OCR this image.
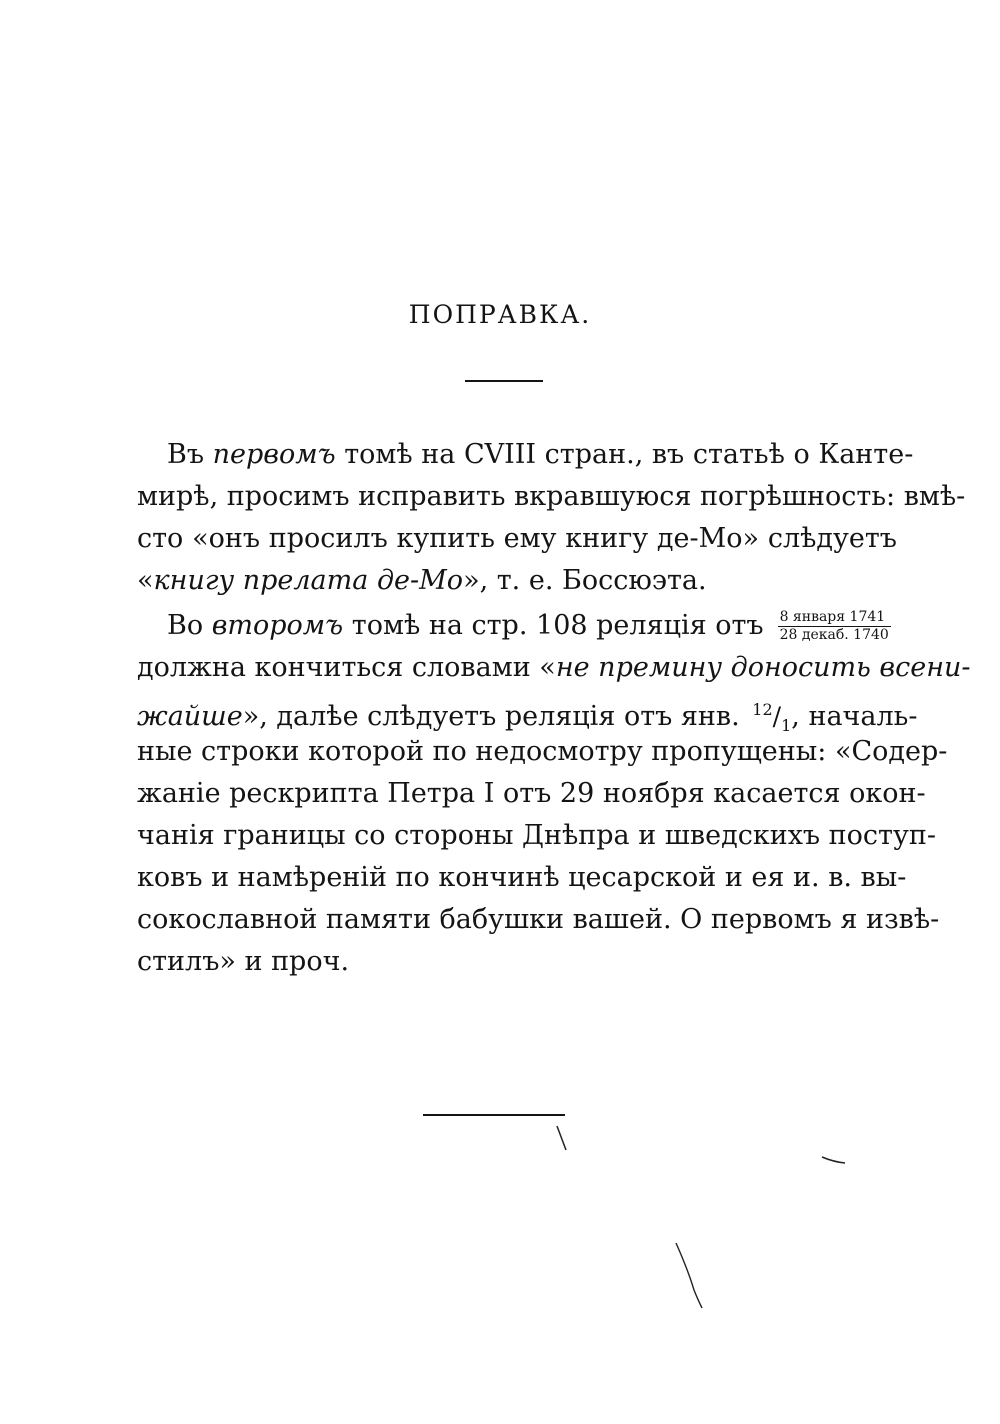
ПОПРАВКА.
Въ первомъ томѣ на CVIII стран., въ статьѣ о Канте-
мирѣ, просимъ исправить вкравшуюся погрѣшность: вмѣ-
сто «онъ просилъ купить ему книгу де-Mo» слѣдуетъ
«книгу прелата де-Mo», т. е. Боссюэта.
Во второмъ томѣ на стр. 108 реляція отъ $\frac{\text{8 января 1741}}{\text{28 декаб. 1740}}$
должна кончиться словами «не премину доносить всени-
жайше», далѣе слѣдуетъ реляція отъ янв. $^{12}/_1$, началь-
ные строки которой по недосмотру пропущены: «Содер-
жаніе рескрипта Петра I отъ 29 ноября касается окон-
чанія границы со стороны Днѣпра и шведскихъ поступ-
ковъ и намѣреній по кончинѣ цесарской и ея и. в. вы-
сокославной памяти бабушки вашей. О первомъ я извѣ-
стилъ» и проч.
